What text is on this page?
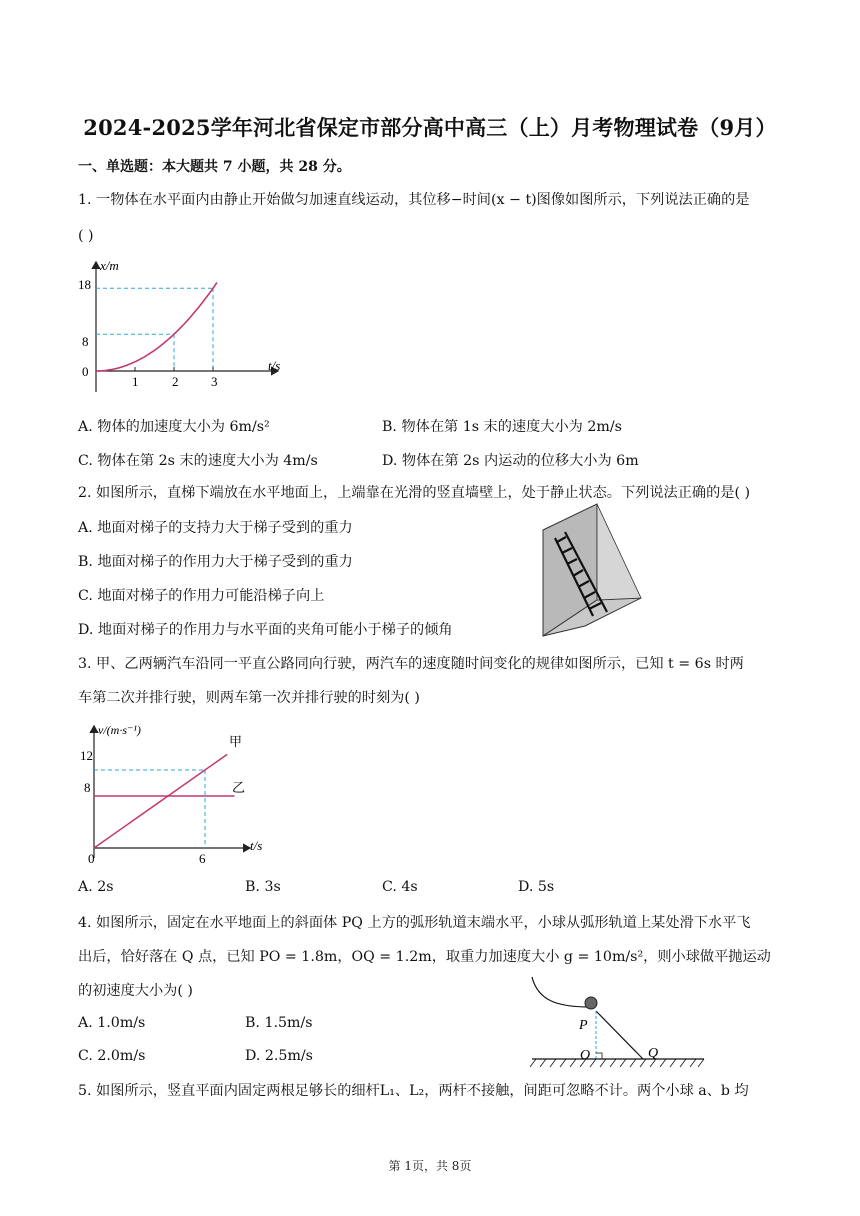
2024-2025学年河北省保定市部分高中高三（上）月考物理试卷（9月）
一、单选题：本大题共 7 小题，共 28 分。
1. 一物体在水平面内由静止开始做匀加速直线运动，其位移−时间(x − t)图像如图所示，下列说法正确的是
( )
x/m
t/s
0
8
18
1	2	3
A. 物体的加速度大小为 6m/s²	B. 物体在第 1s 末的速度大小为 2m/s
C. 物体在第 2s 末的速度大小为 4m/s	D. 物体在第 2s 内运动的位移大小为 6m
2. 如图所示，直梯下端放在水平地面上，上端靠在光滑的竖直墙壁上，处于静止状态。下列说法正确的是( )
A. 地面对梯子的支持力大于梯子受到的重力
B. 地面对梯子的作用力大于梯子受到的重力
C. 地面对梯子的作用力可能沿梯子向上
D. 地面对梯子的作用力与水平面的夹角可能小于梯子的倾角
3. 甲、乙两辆汽车沿同一平直公路同向行驶，两汽车的速度随时间变化的规律如图所示，已知 t = 6s 时两
车第二次并排行驶，则两车第一次并排行驶的时刻为( )
v/(m·s⁻¹)
t/s
12
8
0	6
甲
乙
A. 2s	B. 3s	C. 4s	D. 5s
4. 如图所示，固定在水平地面上的斜面体 PQ 上方的弧形轨道末端水平，小球从弧形轨道上某处滑下水平飞
出后，恰好落在 Q 点，已知 PO = 1.8m，OQ = 1.2m，取重力加速度大小 g = 10m/s²，则小球做平抛运动
的初速度大小为( )
A. 1.0m/s	B. 1.5m/s
C. 2.0m/s	D. 2.5m/s
P
O	Q
5. 如图所示，竖直平面内固定两根足够长的细杆L₁、L₂，两杆不接触，间距可忽略不计。两个小球 a、b 均
第 1页，共 8页
